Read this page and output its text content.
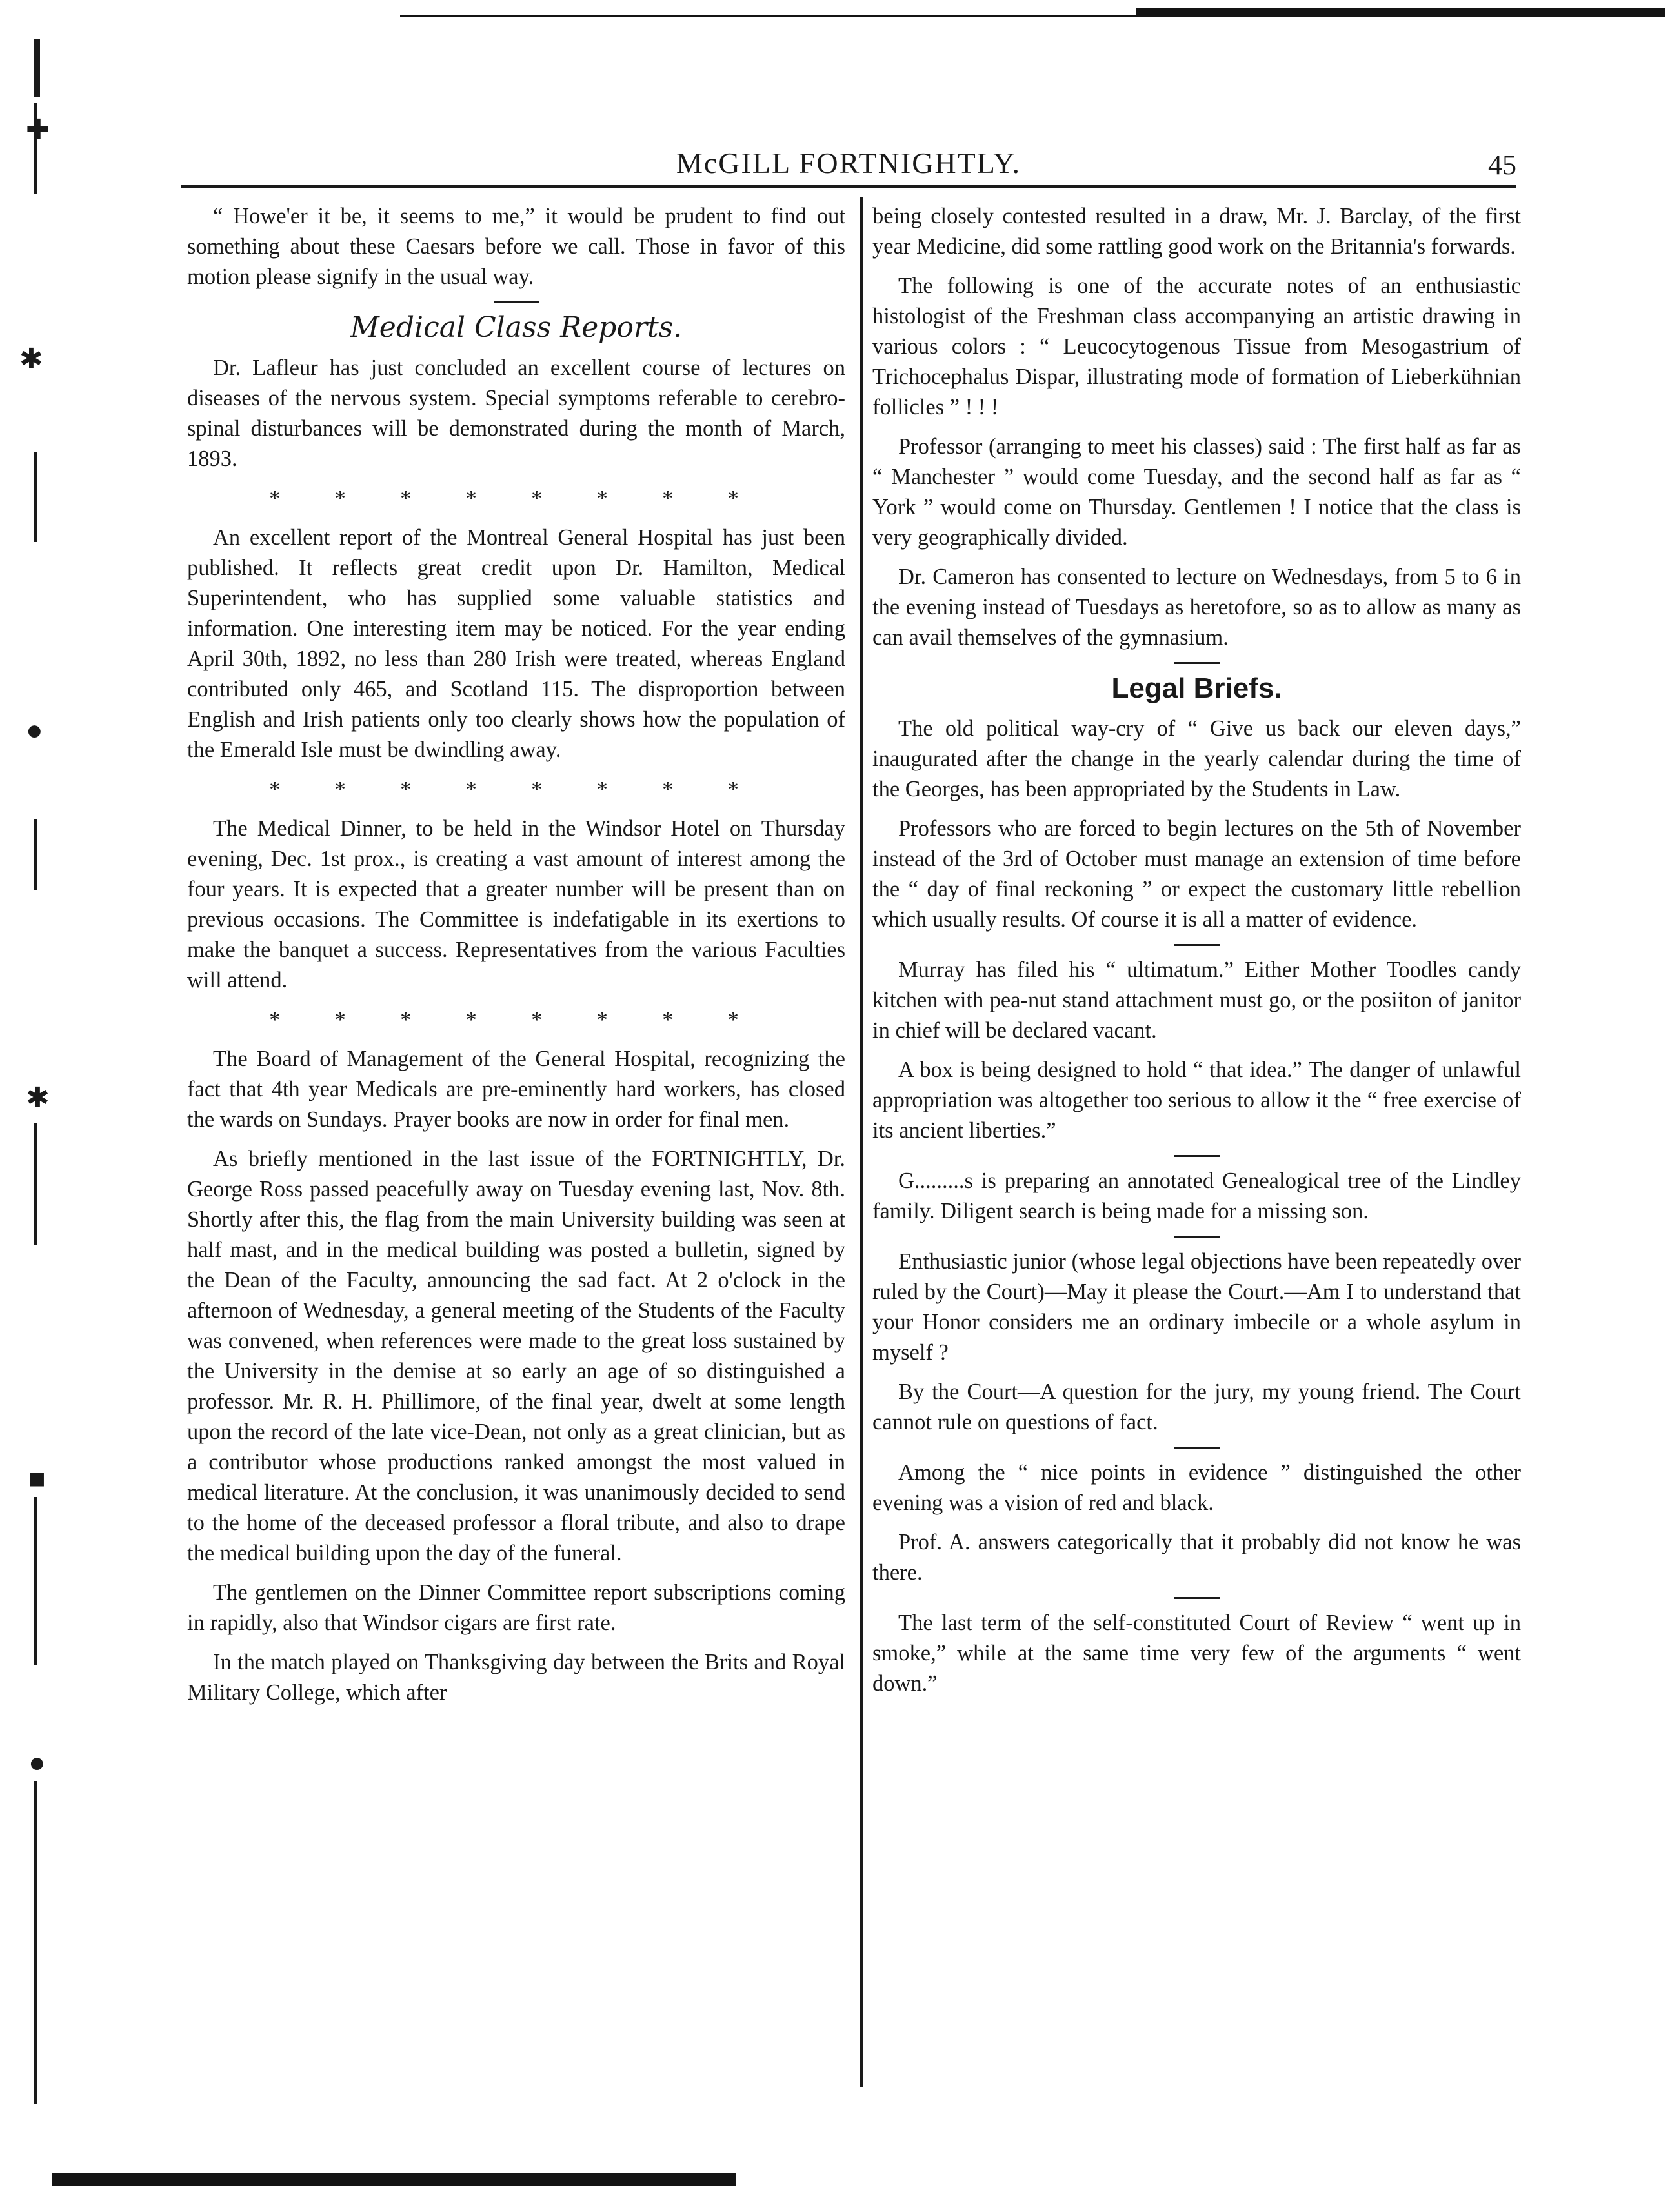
✚
✱
●
✱
■
●
McGILL FORTNIGHTLY.	45

“ Howe'er it be, it seems to me,” it would be prudent to find out something about these Caesars before we call. Those in favor of this motion please signify in the usual way.

Medical Class Reports.

Dr. Lafleur has just concluded an excellent course of lectures on diseases of the nervous system. Special symptoms referable to cerebro-spinal disturbances will be demonstrated during the month of March, 1893.

* * * * * * * *

An excellent report of the Montreal General Hospital has just been published. It reflects great credit upon Dr. Hamilton, Medical Superintendent, who has supplied some valuable statistics and information. One interesting item may be noticed. For the year ending April 30th, 1892, no less than 280 Irish were treated, whereas England contributed only 465, and Scotland 115. The disproportion between English and Irish patients only too clearly shows how the population of the Emerald Isle must be dwindling away.

* * * * * * * *

The Medical Dinner, to be held in the Windsor Hotel on Thursday evening, Dec. 1st prox., is creating a vast amount of interest among the four years. It is expected that a greater number will be present than on previous occasions. The Committee is indefatigable in its exertions to make the banquet a success. Representatives from the various Faculties will attend.

* * * * * * * *

The Board of Management of the General Hospital, recognizing the fact that 4th year Medicals are pre-eminently hard workers, has closed the wards on Sundays. Prayer books are now in order for final men.

As briefly mentioned in the last issue of the FORTNIGHTLY, Dr. George Ross passed peacefully away on Tuesday evening last, Nov. 8th. Shortly after this, the flag from the main University building was seen at half mast, and in the medical building was posted a bulletin, signed by the Dean of the Faculty, announcing the sad fact. At 2 o'clock in the afternoon of Wednesday, a general meeting of the Students of the Faculty was convened, when references were made to the great loss sustained by the University in the demise at so early an age of so distinguished a professor. Mr. R. H. Phillimore, of the final year, dwelt at some length upon the record of the late vice-Dean, not only as a great clinician, but as a contributor whose productions ranked amongst the most valued in medical literature. At the conclusion, it was unanimously decided to send to the home of the deceased professor a floral tribute, and also to drape the medical building upon the day of the funeral.

The gentlemen on the Dinner Committee report subscriptions coming in rapidly, also that Windsor cigars are first rate.

In the match played on Thanksgiving day between the Brits and Royal Military College, which after

being closely contested resulted in a draw, Mr. J. Barclay, of the first year Medicine, did some rattling good work on the Britannia's forwards.

The following is one of the accurate notes of an enthusiastic histologist of the Freshman class accompanying an artistic drawing in various colors : “ Leucocytogenous Tissue from Mesogastrium of Trichocephalus Dispar, illustrating mode of formation of Lieberkühnian follicles ” ! ! !

Professor (arranging to meet his classes) said : The first half as far as “ Manchester ” would come Tuesday, and the second half as far as “ York ” would come on Thursday. Gentlemen ! I notice that the class is very geographically divided.

Dr. Cameron has consented to lecture on Wednesdays, from 5 to 6 in the evening instead of Tuesdays as heretofore, so as to allow as many as can avail themselves of the gymnasium.

Legal Briefs.

The old political way-cry of “ Give us back our eleven days,” inaugurated after the change in the yearly calendar during the time of the Georges, has been appropriated by the Students in Law.

Professors who are forced to begin lectures on the 5th of November instead of the 3rd of October must manage an extension of time before the “ day of final reckoning ” or expect the customary little rebellion which usually results. Of course it is all a matter of evidence.

Murray has filed his “ ultimatum.” Either Mother Toodles candy kitchen with pea-nut stand attachment must go, or the posiiton of janitor in chief will be declared vacant.

A box is being designed to hold “ that idea.” The danger of unlawful appropriation was altogether too serious to allow it the “ free exercise of its ancient liberties.”

G.........s is preparing an annotated Genealogical tree of the Lindley family. Diligent search is being made for a missing son.

Enthusiastic junior (whose legal objections have been repeatedly over ruled by the Court)—May it please the Court.—Am I to understand that your Honor considers me an ordinary imbecile or a whole asylum in myself ?

By the Court—A question for the jury, my young friend. The Court cannot rule on questions of fact.

Among the “ nice points in evidence ” distinguished the other evening was a vision of red and black.

Prof. A. answers categorically that it probably did not know he was there.

The last term of the self-constituted Court of Review “ went up in smoke,” while at the same time very few of the arguments “ went down.”
